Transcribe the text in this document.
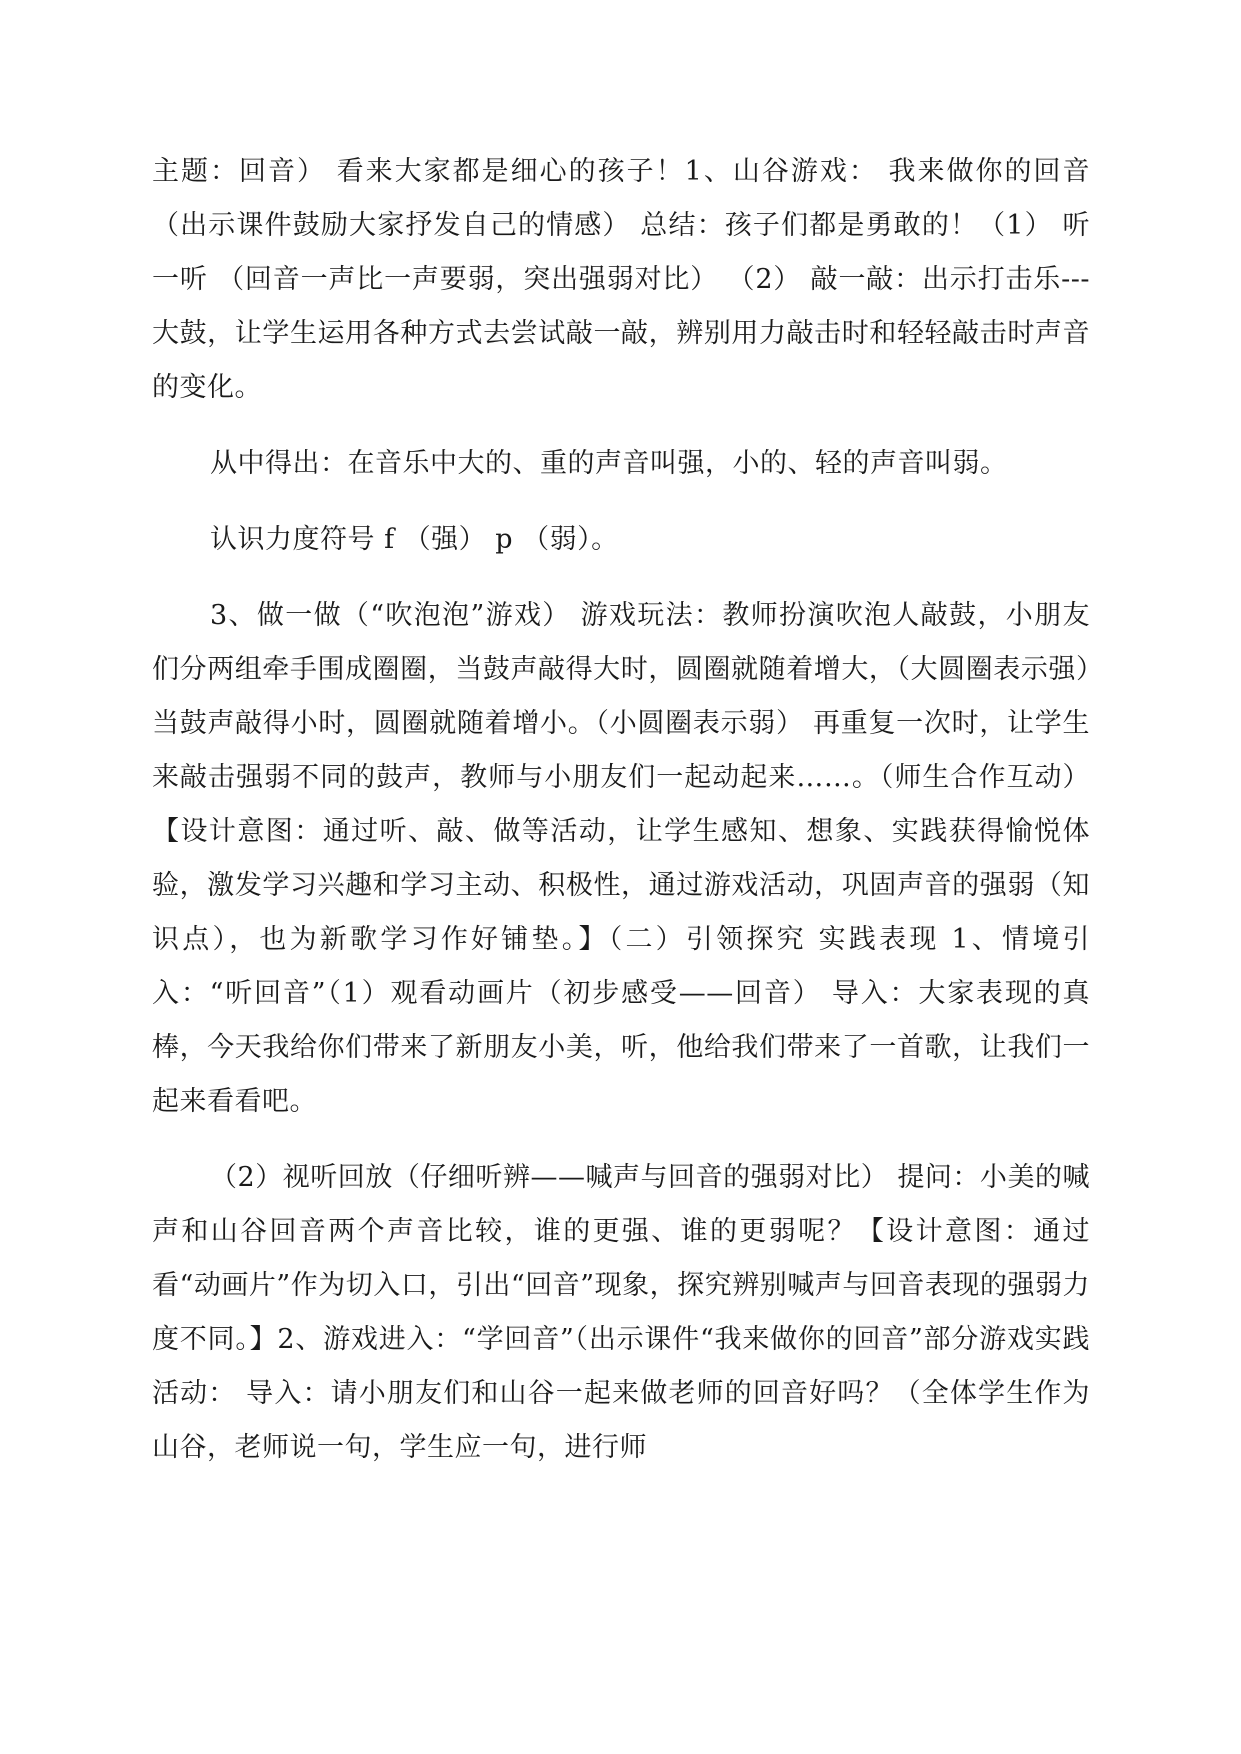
主题：回音） 看来大家都是细心的孩子！1、山谷游戏： 我来做你的回音（出示课件鼓励大家抒发自己的情感） 总结：孩子们都是勇敢的！（1） 听一听 （回音一声比一声要弱，突出强弱对比） （2） 敲一敲：出示打击乐---大鼓，让学生运用各种方式去尝试敲一敲，辨别用力敲击时和轻轻敲击时声音的变化。

从中得出：在音乐中大的、重的声音叫强，小的、轻的声音叫弱。

认识力度符号 f （强） p （弱）。

3、做一做（“吹泡泡”游戏） 游戏玩法：教师扮演吹泡人敲鼓，小朋友们分两组牵手围成圈圈，当鼓声敲得大时，圆圈就随着增大，（大圆圈表示强）当鼓声敲得小时，圆圈就随着增小。（小圆圈表示弱） 再重复一次时，让学生来敲击强弱不同的鼓声，教师与小朋友们一起动起来……。（师生合作互动） 【设计意图：通过听、敲、做等活动，让学生感知、想象、实践获得愉悦体验，激发学习兴趣和学习主动、积极性，通过游戏活动，巩固声音的强弱（知识点），也为新歌学习作好铺垫。】（二）引领探究 实践表现 1、情境引入：“听回音”（1）观看动画片（初步感受——回音） 导入：大家表现的真棒，今天我给你们带来了新朋友小美，听，他给我们带来了一首歌，让我们一起来看看吧。

（2）视听回放（仔细听辨——喊声与回音的强弱对比） 提问：小美的喊声和山谷回音两个声音比较，谁的更强、谁的更弱呢？【设计意图：通过看“动画片”作为切入口，引出“回音”现象，探究辨别喊声与回音表现的强弱力度不同。】2、游戏进入：“学回音”（出示课件“我来做你的回音”部分游戏实践活动： 导入：请小朋友们和山谷一起来做老师的回音好吗？（全体学生作为山谷，老师说一句，学生应一句，进行师
